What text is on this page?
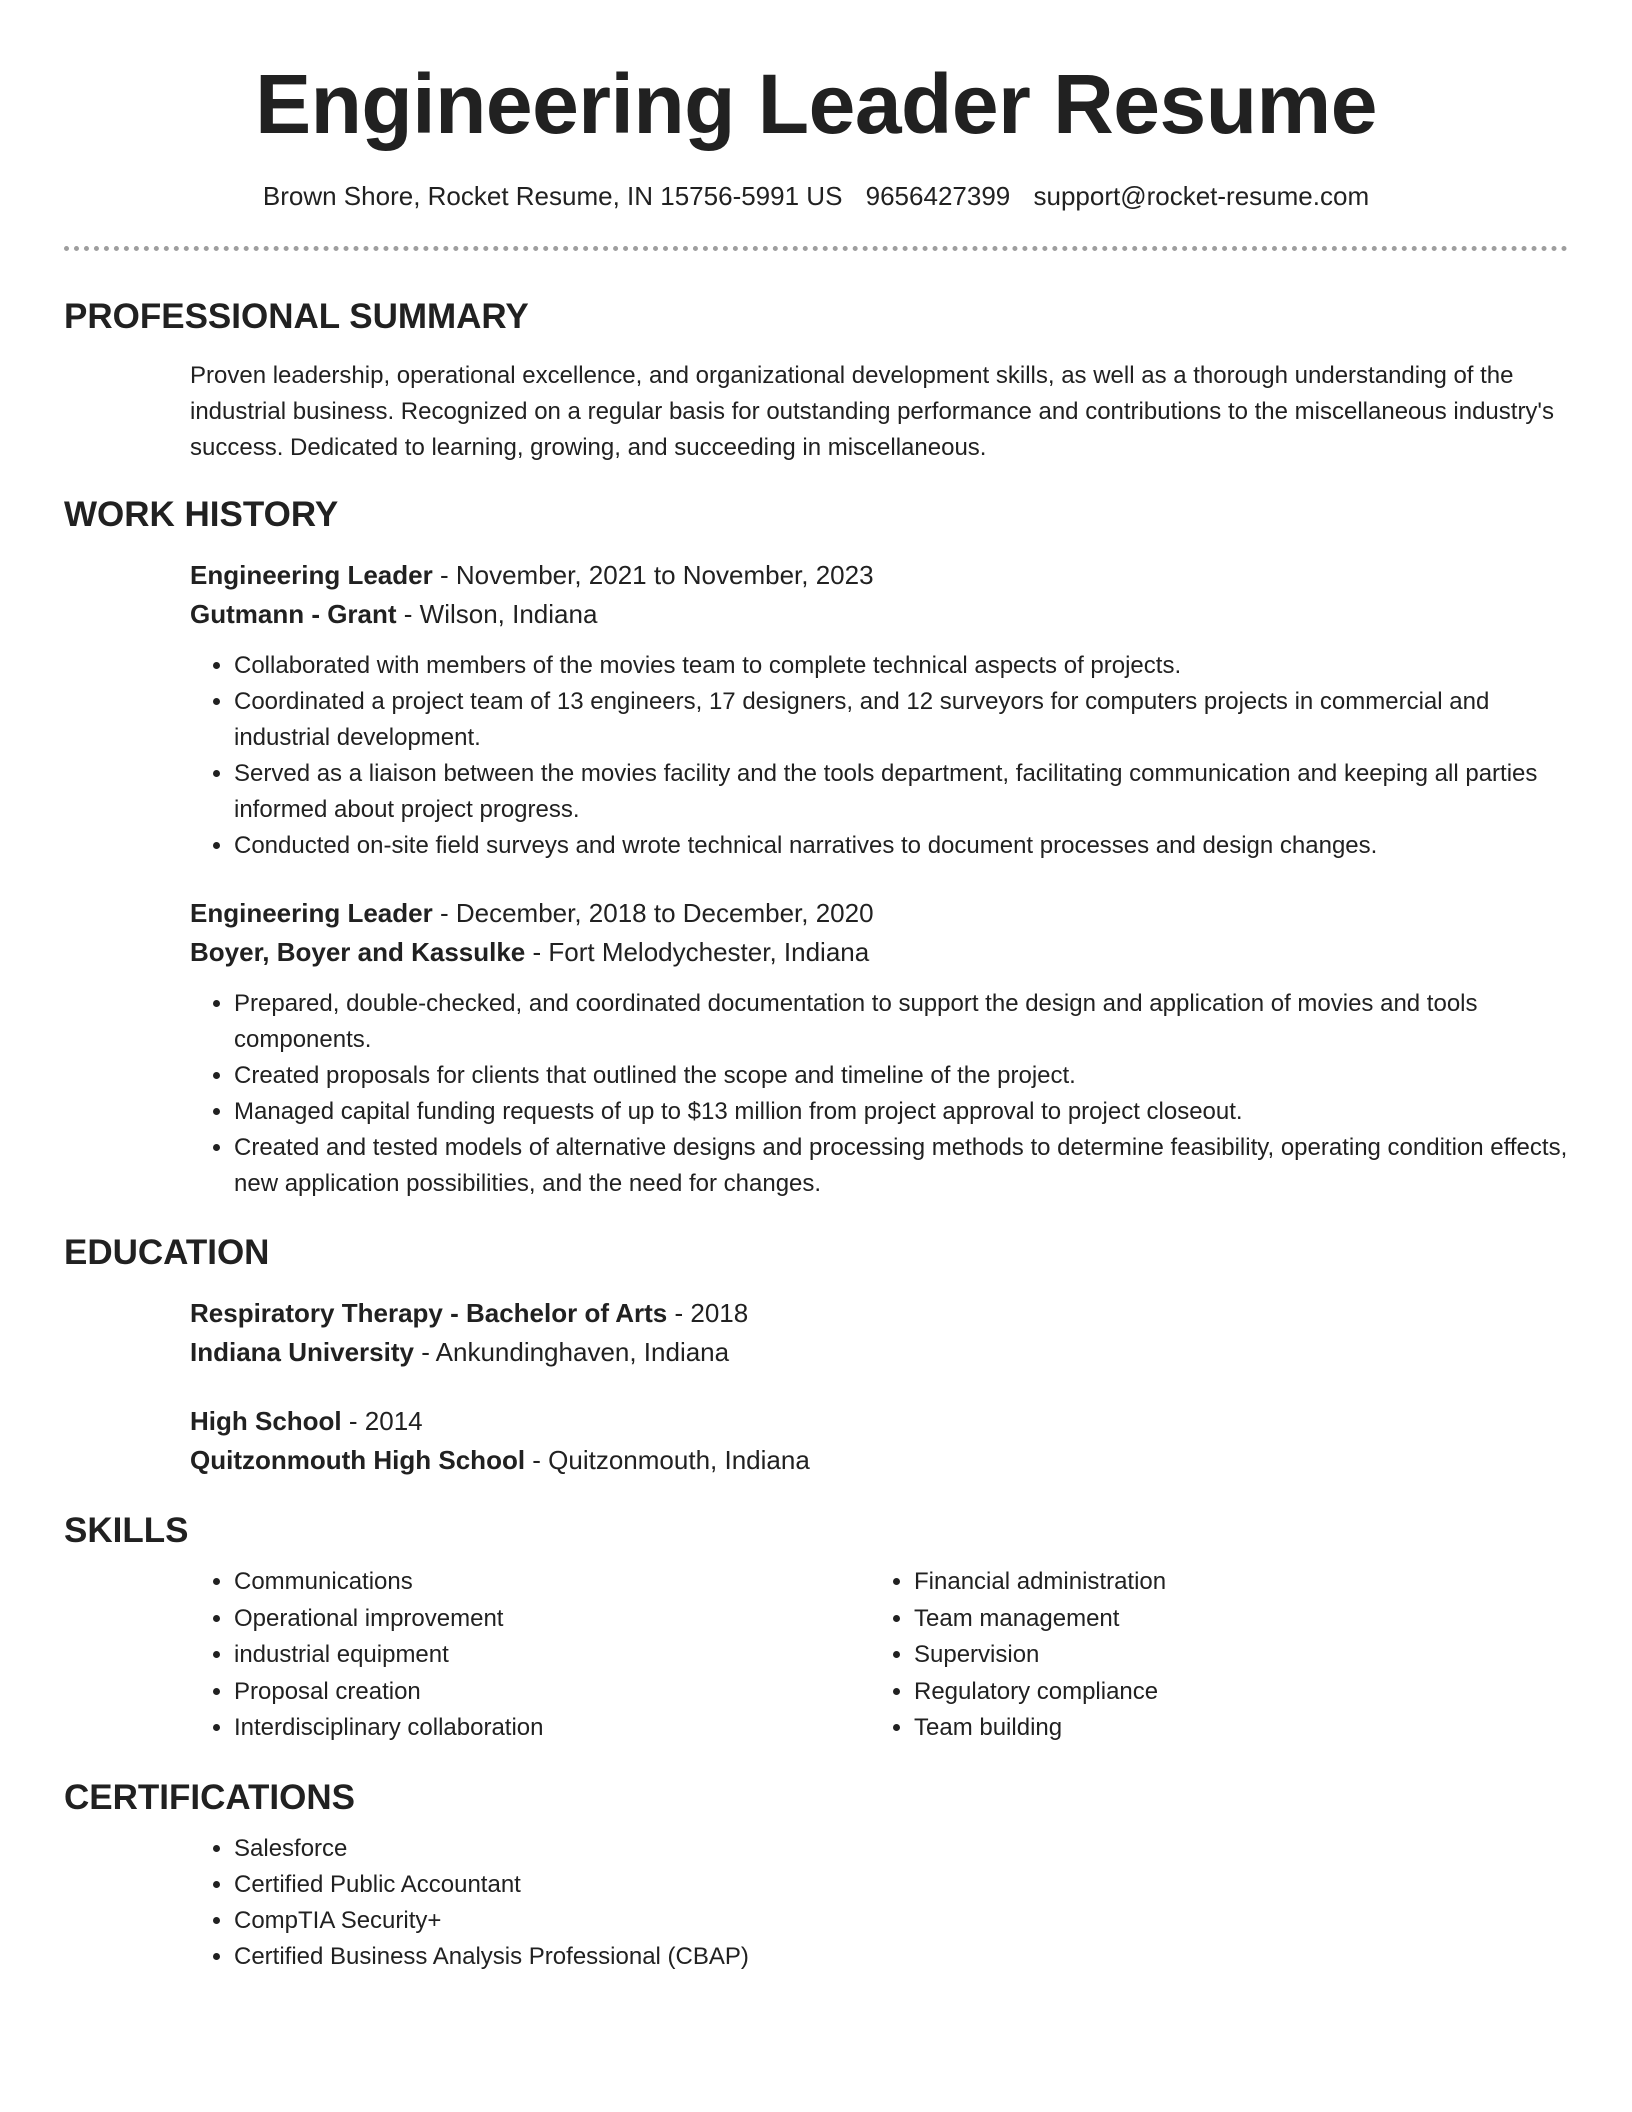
Engineering Leader Resume
Brown Shore, Rocket Resume, IN 15756-5991 US 9656427399 support@rocket-resume.com
PROFESSIONAL SUMMARY
Proven leadership, operational excellence, and organizational development skills, as well as a thorough understanding of the industrial business. Recognized on a regular basis for outstanding performance and contributions to the miscellaneous industry's success. Dedicated to learning, growing, and succeeding in miscellaneous.
WORK HISTORY
Engineering Leader - November, 2021 to November, 2023
Gutmann - Grant - Wilson, Indiana
• Collaborated with members of the movies team to complete technical aspects of projects.
• Coordinated a project team of 13 engineers, 17 designers, and 12 surveyors for computers projects in commercial and industrial development.
• Served as a liaison between the movies facility and the tools department, facilitating communication and keeping all parties informed about project progress.
• Conducted on-site field surveys and wrote technical narratives to document processes and design changes.
Engineering Leader - December, 2018 to December, 2020
Boyer, Boyer and Kassulke - Fort Melodychester, Indiana
• Prepared, double-checked, and coordinated documentation to support the design and application of movies and tools components.
• Created proposals for clients that outlined the scope and timeline of the project.
• Managed capital funding requests of up to $13 million from project approval to project closeout.
• Created and tested models of alternative designs and processing methods to determine feasibility, operating condition effects, new application possibilities, and the need for changes.
EDUCATION
Respiratory Therapy - Bachelor of Arts - 2018
Indiana University - Ankundinghaven, Indiana
High School - 2014
Quitzonmouth High School - Quitzonmouth, Indiana
SKILLS
• Communications
• Operational improvement
• industrial equipment
• Proposal creation
• Interdisciplinary collaboration
• Financial administration
• Team management
• Supervision
• Regulatory compliance
• Team building
CERTIFICATIONS
• Salesforce
• Certified Public Accountant
• CompTIA Security+
• Certified Business Analysis Professional (CBAP)
